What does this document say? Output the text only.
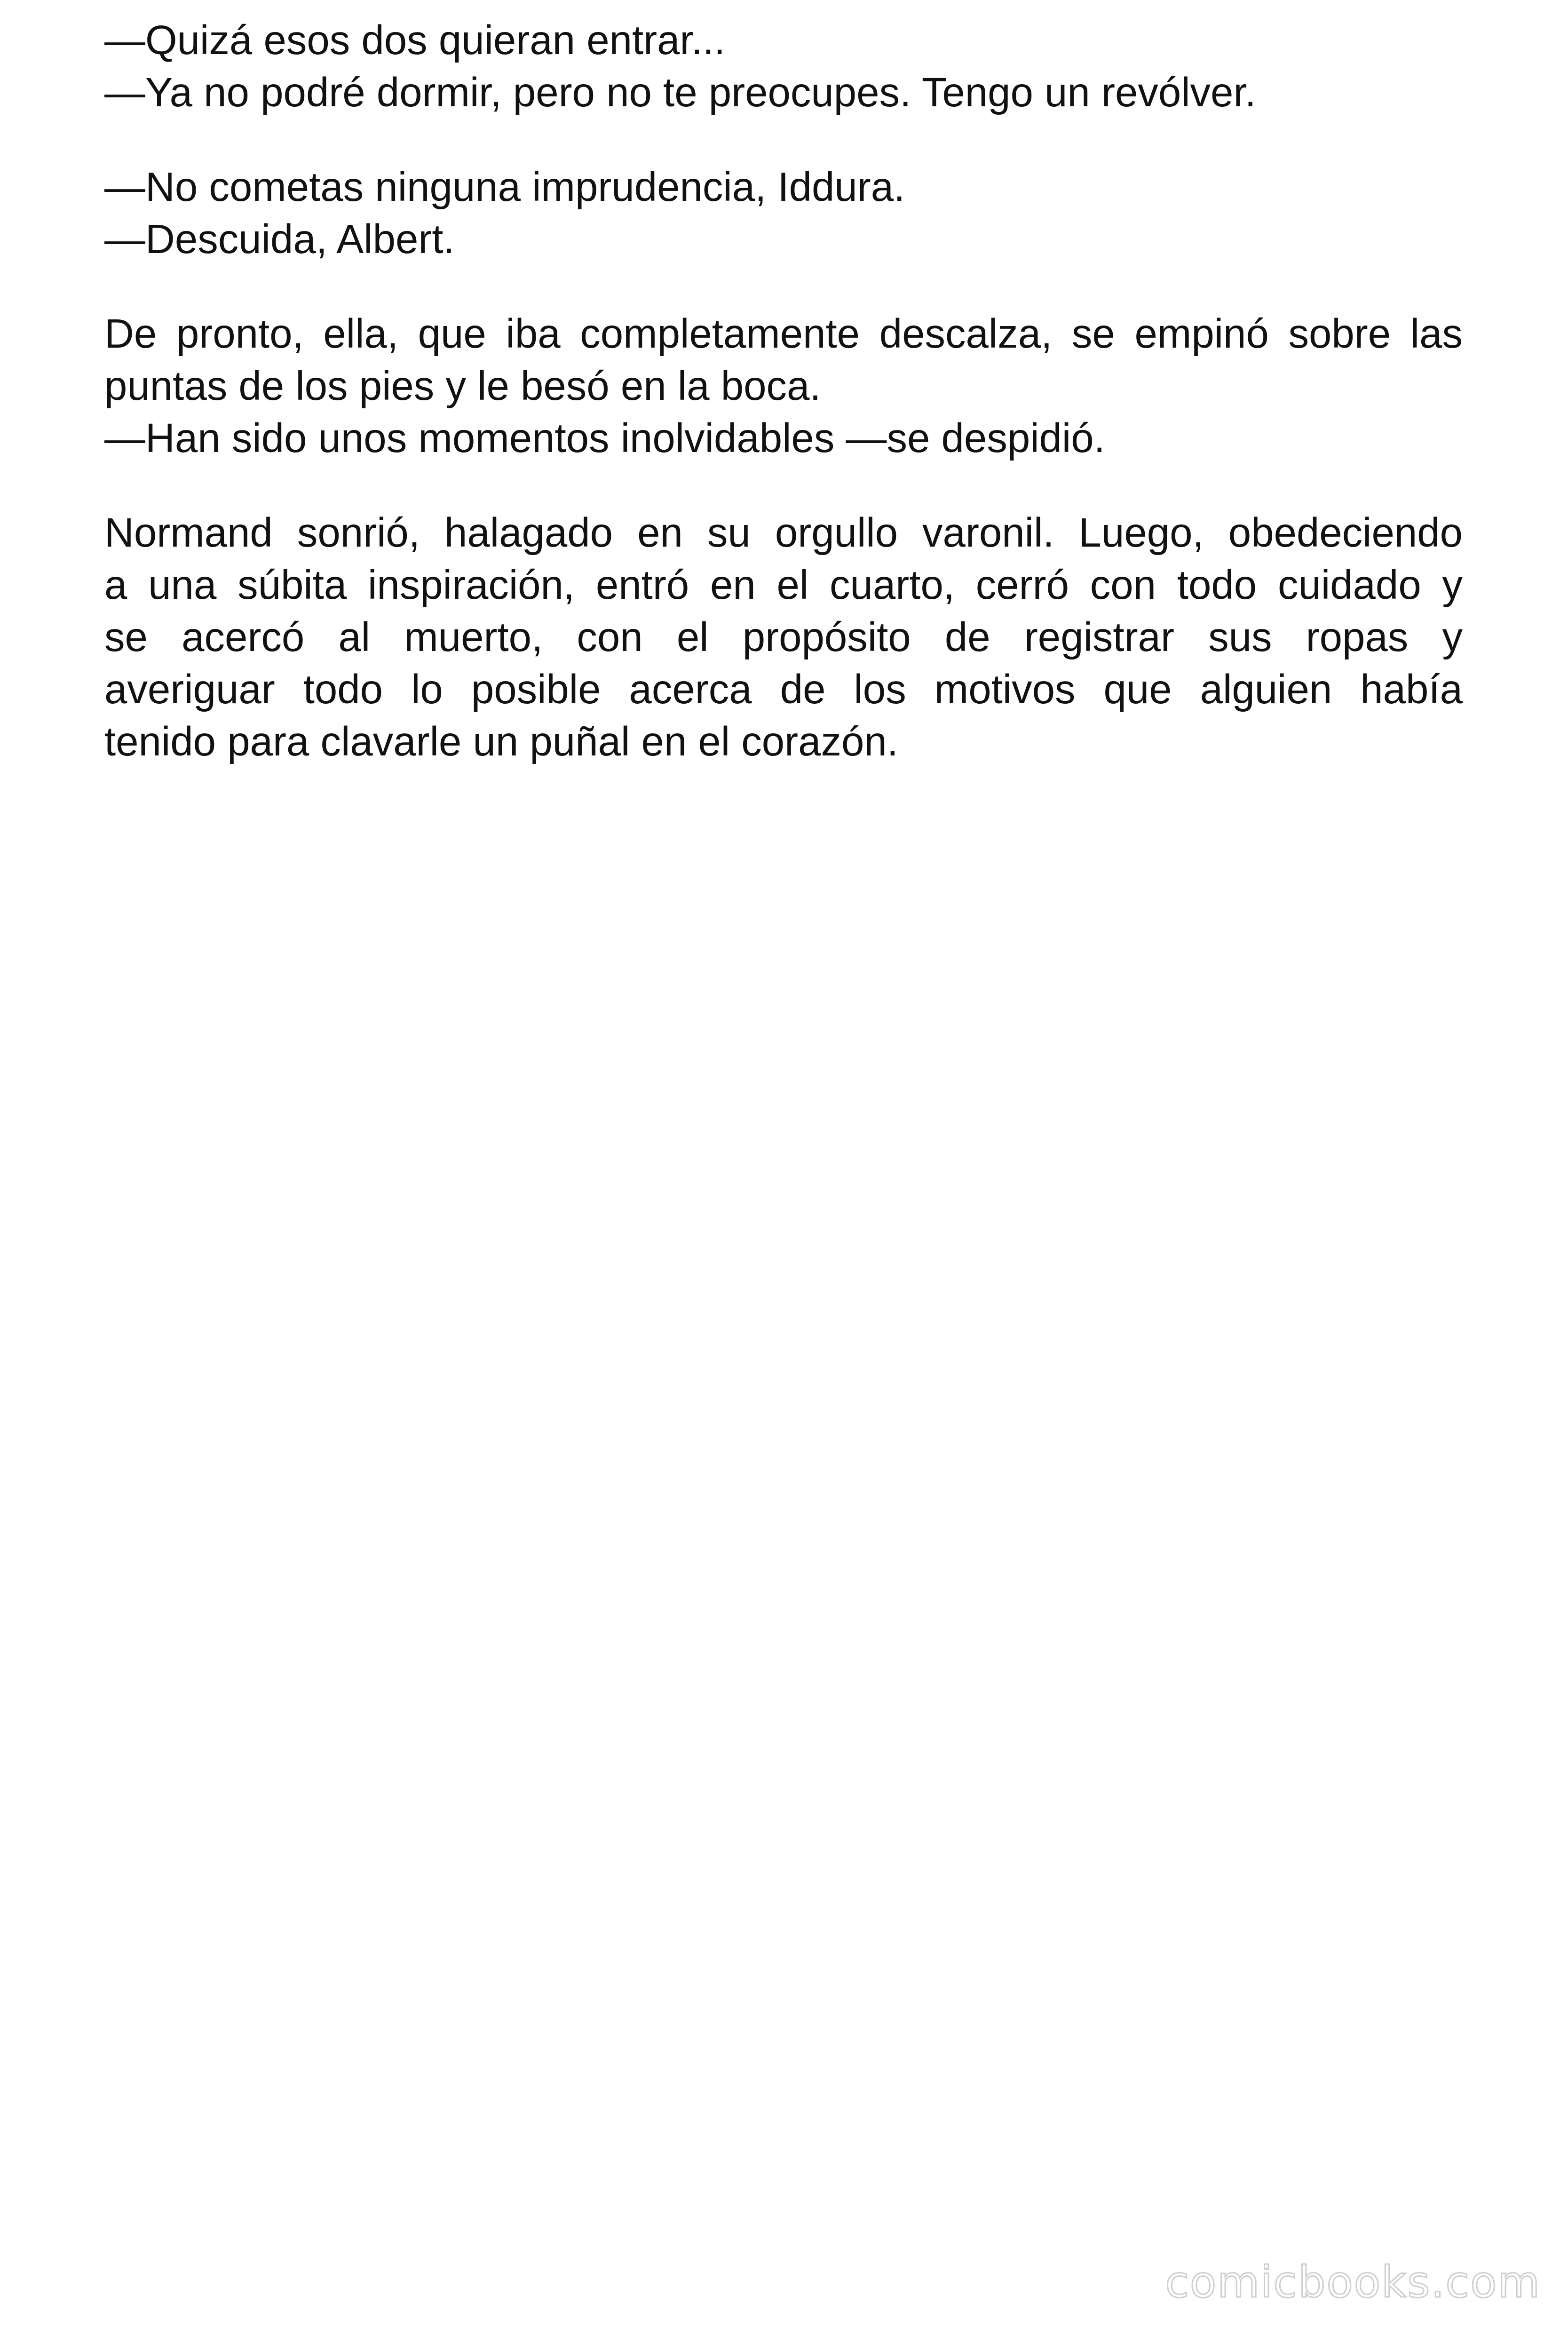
—Quizá esos dos quieran entrar...
—Ya no podré dormir, pero no te preocupes. Tengo un revólver.
—No cometas ninguna imprudencia, Iddura.
—Descuida, Albert.
De pronto, ella, que iba completamente descalza, se empinó sobre las
puntas de los pies y le besó en la boca.
—Han sido unos momentos inolvidables —se despidió.
Normand sonrió, halagado en su orgullo varonil. Luego, obedeciendo
a una súbita inspiración, entró en el cuarto, cerró con todo cuidado y
se acercó al muerto, con el propósito de registrar sus ropas y
averiguar todo lo posible acerca de los motivos que alguien había
tenido para clavarle un puñal en el corazón.
comicbooks.com
